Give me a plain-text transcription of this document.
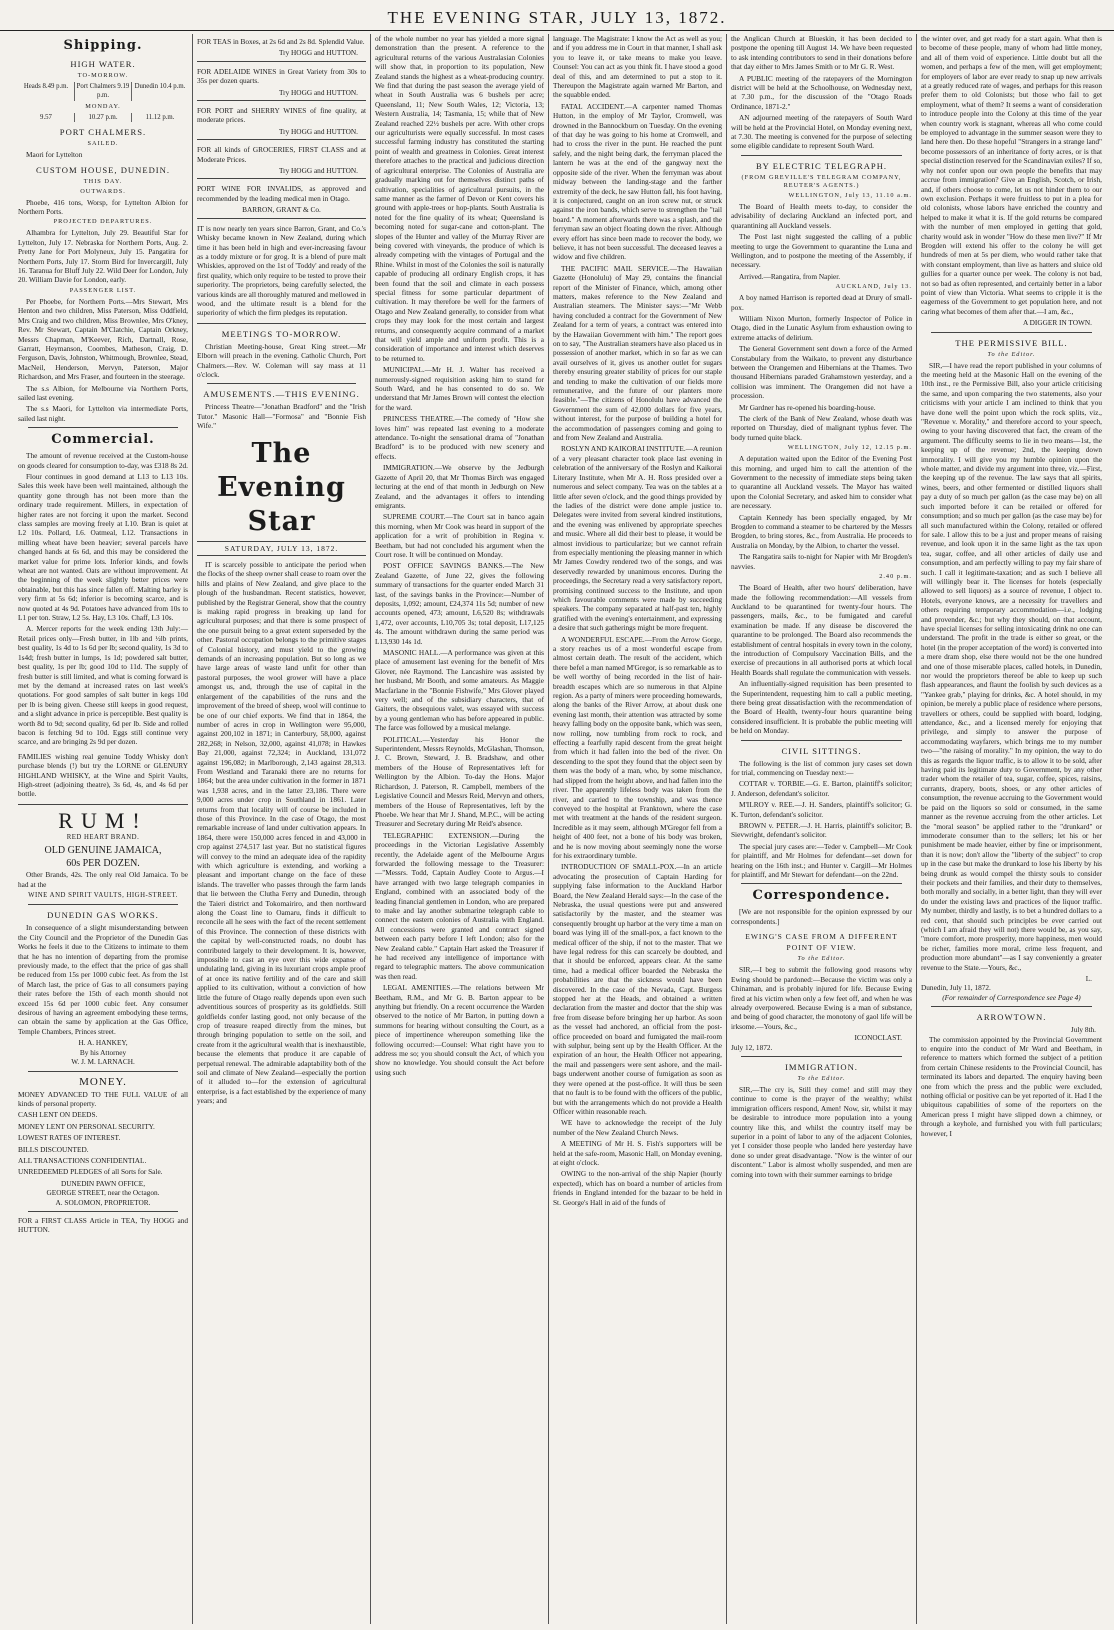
THE EVENING STAR, JULY 13, 1872.
Shipping.
HIGH WATER.
TO-MORROW.
Heads 8.49 p.m.	Port Chalmers 9.19 p.m.
Dunedin 10.4 p.m.
MONDAY.
9.57	10.27 p.m.	11.12 p.m.
PORT CHALMERS.
SAILED.

Maori for Lyttelton

CUSTOM HOUSE, DUNEDIN.
THIS DAY.
OUTWARDS.

Phoebe, 416 tons, Worsp, for Lyttelton Albion for Northern Ports.

PROJECTED DEPARTURES.

Alhambra for Lyttelton, July 29. Beautiful Star for Lyttelton, July 17. Nebraska for Northern Ports, Aug. 2. Pretty Jane for Port Molyneux, July 15. Pangatira for Northern Ports, July 17. Storm Bird for Invercargill, July 16. Taranua for Bluff July 22. Wild Deer for London, July 20. William Davie for London, early.

PASSENGER LIST.

Per Phoebe, for Northern Ports.—Mrs Stewart, Mrs Henton and two children, Miss Paterson, Miss Oddfield, Mrs Craig and two children, Miss Brownlee, Mrs O'kney, Rev. Mr Stewart, Captain M'Clatchie, Captain Orkney, Messrs Chapman, M'Keever, Rich, Dartnall, Rose, Garratt, Heymanson, Coombes, Matheson, Craig, D. Ferguson, Davis, Johnston, Whitmough, Brownlee, Stead, MacNeil, Henderson, Mervyn, Paterson, Major Richardson, and Mrs Fraser, and fourteen in the steerage.

The s.s Albion, for Melbourne via Northern Ports, sailed last evening.

The s.s Maori, for Lyttelton via intermediate Ports, sailed last night.

Commercial.

The amount of revenue received at the Custom-house on goods cleared for consumption to-day, was £318 8s 2d.

Flour continues in good demand at L13 to L13 10s. Sales this week have been well maintained, although the quantity gone through has not been more than the ordinary trade requirement. Millers, in expectation of higher rates are not forcing it upon the market. Second class samples are moving freely at L10. Bran is quiet at L2 10s. Pollard, L6. Oatmeal, L12. Transactions in milling wheat have been heavier; several parcels have changed hands at 6s 6d, and this may be considered the market value for prime lots. Inferior kinds, and fowls wheat are not wanted. Oats are without improvement. At the beginning of the week slightly better prices were obtainable, but this has since fallen off. Malting barley is very firm at 5s 6d; inferior is becoming scarce, and is now quoted at 4s 9d. Potatoes have advanced from 10s to L1 per ton. Straw, L2 5s. Hay, L3 10s. Chaff, L3 10s.

A. Mercer reports for the week ending 13th July:—Retail prices only—Fresh butter, in 1lb and ½lb prints, best quality, 1s 4d to 1s 6d per lb; second quality, 1s 3d to 1s4d; fresh butter in lumps, 1s 1d; powdered salt butter, best quality, 1s per lb; good 10d to 11d. The supply of fresh butter is still limited, and what is coming forward is met by the demand at increased rates on last week's quotations. For good samples of salt butter in kegs 10d per lb is being given. Cheese still keeps in good request, and a slight advance in price is perceptible. Best quality is worth 8d to 9d; second quality, 6d per lb. Side and rolled bacon is fetching 9d to 10d. Eggs still continue very scarce, and are bringing 2s 9d per dozen.

FAMILIES wishing real genuine Toddy Whisky don't purchase blends (!) but try the LORNE or GLENURY HIGHLAND WHISKY, at the Wine and Spirit Vaults, High-street (adjoining theatre), 3s 6d, 4s, and 4s 6d per bottle.

RUM!
RED HEART BRAND.
OLD GENUINE JAMAICA,
60s PER DOZEN.

Other Brands, 42s. The only real Old Jamaica. To be had at the

WINE AND SPIRIT VAULTS, HIGH-STREET.
DUNEDIN GAS WORKS.

In consequence of a slight misunderstanding between the City Council and the Proprietor of the Dunedin Gas Works he feels it due to the Citizens to intimate to them that he has no intention of departing from the promise previously made, to the effect that the price of gas shall be reduced from 15s per 1000 cubic feet. As from the 1st of March last, the price of Gas to all consumers paying their rates before the 15th of each month should not exceed 15s 6d per 1000 cubic feet. Any consumer desirous of having an agreement embodying these terms, can obtain the same by application at the Gas Office, Temple Chambers, Princes street.

H. A. HANKEY,
By his Attorney
W. J. M. LARNACH.
MONEY.

MONEY ADVANCED TO THE FULL VALUE of all kinds of personal property.

CASH LENT ON DEEDS.

MONEY LENT ON PERSONAL SECURITY.

LOWEST RATES OF INTEREST.

BILLS DISCOUNTED.

ALL TRANSACTIONS CONFIDENTIAL.

UNREDEEMED PLEDGES of all Sorts for Sale.

DUNEDIN PAWN OFFICE,
GEORGE STREET, near the Octagon.
A. SOLOMON, PROPRIETOR.

FOR a FIRST CLASS Article in TEA, Try HOGG and HUTTON.

FOR TEAS in Boxes, at 2s 6d and 2s 8d. Splendid Value.

Try HOGG and HUTTON.

FOR ADELAIDE WINES in Great Variety from 30s to 35s per dozen quarts.

Try HOGG and HUTTON.

FOR PORT and SHERRY WINES of fine quality, at moderate prices.

Try HOGG and HUTTON.

FOR all kinds of GROCERIES, FIRST CLASS and at Moderate Prices.

Try HOGG and HUTTON.

PORT WINE FOR INVALIDS, as approved and recommended by the leading medical men in Otago.

BARRON, GRANT & Co.

IT is now nearly ten years since Barron, Grant, and Co.'s Whisky became known in New Zealand, during which time it has been held in high and ever-increasing favour as a toddy mixture or for grog. It is a blend of pure malt Whiskies, approved on the 1st of 'Toddy' and ready of the first quality, which only require to be tested to prove their superiority. The proprietors, being carefully selected, the various kinds are all thoroughly matured and mellowed in wood, and the ultimate result is a blend for the superiority of which the firm pledges its reputation.

MEETINGS TO-MORROW.

Christian Meeting-house, Great King street.—Mr Elborn will preach in the evening. Catholic Church, Port Chalmers.—Rev. W. Coleman will say mass at 11 o'clock.

AMUSEMENTS.—THIS EVENING.

Princess Theatre—"Jonathan Bradford" and the "Irish Tutor." Masonic Hall—"Formosa" and "Bonnie Fish Wife."

The Evening Star
SATURDAY, JULY 13, 1872.

IT is scarcely possible to anticipate the period when the flocks of the sheep owner shall cease to roam over the hills and plains of New Zealand, and give place to the plough of the husbandman. Recent statistics, however, published by the Registrar General, show that the country is making rapid progress in breaking up land for agricultural purposes; and that there is some prospect of the one pursuit being to a great extent superseded by the other. Pastoral occupation belongs to the primitive stages of Colonial history, and must yield to the growing demands of an increasing population. But so long as we have large areas of waste land unfit for other than pastoral purposes, the wool grower will have a place amongst us, and, through the use of capital in the enlargement of the capabilities of the runs and the improvement of the breed of sheep, wool will continue to be one of our chief exports. We find that in 1864, the number of acres in crop in Wellington were 95,000, against 200,102 in 1871; in Canterbury, 58,000, against 282,268; in Nelson, 32,000, against 41,078; in Hawkes Bay 21,000, against 72,324; in Auckland, 131,072 against 196,082; in Marlborough, 2,143 against 28,313. From Westland and Taranaki there are no returns for 1864; but the area under cultivation in the former in 1871 was 1,938 acres, and in the latter 23,186. There were 9,000 acres under crop in Southland in 1861. Later returns from that locality will of course be included in those of this Province. In the case of Otago, the most remarkable increase of land under cultivation appears. In 1864, there were 150,000 acres fenced in and 43,000 in crop against 274,517 last year. But no statistical figures will convey to the mind an adequate idea of the rapidity with which agriculture is extending, and working a pleasant and important change on the face of these islands. The traveller who passes through the farm lands that lie between the Clutha Ferry and Dunedin, through the Taieri district and Tokomairiro, and then northward along the Coast line to Oamaru, finds it difficult to reconcile all he sees with the fact of the recent settlement of this Province. The connection of these districts with the capital by well-constructed roads, no doubt has contributed largely to their development. It is, however, impossible to cast an eye over this wide expanse of undulating land, giving in its luxuriant crops ample proof of at once its native fertility and of the care and skill applied to its cultivation, without a conviction of how little the future of Otago really depends upon even such adventitious sources of prosperity as its goldfields. Still goldfields confer lasting good, not only because of the crop of treasure reaped directly from the mines, but through bringing population to settle on the soil, and create from it the agricultural wealth that is inexhaustible, because the elements that produce it are capable of perpetual renewal. The admirable adaptability both of the soil and climate of New Zealand—especially the portion of it alluded to—for the extension of agricultural enterprise, is a fact established by the experience of many years; and

of the whole number no year has yielded a more signal demonstration than the present. A reference to the agricultural returns of the various Australasian Colonies will show that, in proportion to its population, New Zealand stands the highest as a wheat-producing country. We find that during the past season the average yield of wheat in South Australia was 6 bushels per acre; Queensland, 11; New South Wales, 12; Victoria, 13; Western Australia, 14; Tasmania, 15; while that of New Zealand reached 22½ bushels per acre. With other crops our agriculturists were equally successful. In most cases successful farming industry has constituted the starting point of wealth and greatness in Colonies. Great interest therefore attaches to the practical and judicious direction of agricultural enterprise. The Colonies of Australia are gradually marking out for themselves distinct paths of cultivation, specialities of agricultural pursuits, in the same manner as the farmer of Devon or Kent covers his ground with apple-trees or hop-plants. South Australia is noted for the fine quality of its wheat; Queensland is becoming noted for sugar-cane and cotton-plant. The slopes of the Hunter and valley of the Murray River are being covered with vineyards, the produce of which is already competing with the vintages of Portugal and the Rhine. Whilst in most of the Colonies the soil is naturally capable of producing all ordinary English crops, it has been found that the soil and climate in each possess special fitness for some particular department of cultivation. It may therefore be well for the farmers of Otago and New Zealand generally, to consider from what crops they may look for the most certain and largest returns, and consequently acquire command of a market that will yield ample and uniform profit. This is a consideration of importance and interest which deserves to be returned to.

MUNICIPAL.—Mr H. J. Walter has received a numerously-signed requisition asking him to stand for South Ward, and he has consented to do so. We understand that Mr James Brown will contest the election for the ward.

PRINCESS THEATRE.—The comedy of "How she loves him" was repeated last evening to a moderate attendance. To-night the sensational drama of "Jonathan Bradford" is to be produced with new scenery and effects.

IMMIGRATION.—We observe by the Jedburgh Gazette of April 20, that Mr Thomas Birch was engaged lecturing at the end of that month in Jedburgh on New Zealand, and the advantages it offers to intending emigrants.

SUPREME COURT.—The Court sat in banco again this morning, when Mr Cook was heard in support of the application for a writ of prohibition in Regina v. Beetham, but had not concluded his argument when the Court rose. It will be continued on Monday.

POST OFFICE SAVINGS BANKS.—The New Zealand Gazette, of June 22, gives the following summary of transactions for the quarter ended March 31 last, of the savings banks in the Province:—Number of deposits, 1,092; amount, £24,374 11s 5d; number of new accounts opened, 473; amount, L6,520 8s; withdrawals 1,472, over accounts, L10,705 3s; total deposit, L17,125 4s. The amount withdrawn during the same period was L13,930 14s 1d.

MASONIC HALL.—A performance was given at this place of amusement last evening for the benefit of Mrs Glover, née Raymond. The Lancashire was assisted by her husband, Mr Booth, and some amateurs. As Maggie Macfarlane in the "Bonnie Fishwife," Mrs Glover played very well; and of the subsidiary characters, that of Gaiters, the obsequious valet, was essayed with success by a young gentleman who has before appeared in public. The farce was followed by a musical melange.

POLITICAL.—Yesterday his Honor the Superintendent, Messrs Reynolds, McGlashan, Thomson, J. C. Brown, Steward, J. B. Bradshaw, and other members of the House of Representatives left for Wellington by the Albion. To-day the Hons. Major Richardson, J. Paterson, R. Campbell, members of the Legislative Council and Messrs Reid, Mervyn and others, members of the House of Representatives, left by the Phoebe. We hear that Mr J. Shand, M.P.C., will be acting Treasurer and Secretary during Mr Reid's absence.

TELEGRAPHIC EXTENSION.—During the proceedings in the Victorian Legislative Assembly recently, the Adelaide agent of the Melbourne Argus forwarded the following message to the Treasurer:—"Messrs. Todd, Captain Audley Coote to Argus.—I have arranged with two large telegraph companies in England, combined with an associated body of the leading financial gentlemen in London, who are prepared to make and lay another submarine telegraph cable to connect the eastern colonies of Australia with England. All concessions were granted and contract signed between each party before I left London; also for the New Zealand cable." Captain Hart asked the Treasurer if he had received any intelligence of importance with regard to telegraphic matters. The above communication was then read.

LEGAL AMENITIES.—The relations between Mr Beetham, R.M., and Mr G. B. Barton appear to be anything but friendly. On a recent occurrence the Warden observed to the notice of Mr Barton, in putting down a summons for hearing without consulting the Court, as a piece of impertinence whereupon something like the following occurred:—Counsel: What right have you to address me so; you should consult the Act, of which you show no knowledge. You should consult the Act before using such

language. The Magistrate: I know the Act as well as you; and if you address me in Court in that manner, I shall ask you to leave it, or take means to make you leave. Counsel: You can act as you think fit. I have stood a good deal of this, and am determined to put a stop to it. Thereupon the Magistrate again warned Mr Barton, and the squabble ended.

FATAL ACCIDENT.—A carpenter named Thomas Hutton, in the employ of Mr Taylor, Cromwell, was drowned in the Bannockburn on Tuesday. On the evening of that day he was going to his home at Cromwell, and had to cross the river in the punt. He reached the punt safely, and the night being dark, the ferryman placed the lantern he was at the end of the gangway next the opposite side of the river. When the ferryman was about midway between the landing-stage and the farther extremity of the deck, he saw Hutton fall, his foot having, it is conjectured, caught on an iron screw nut, or struck against the iron bands, which serve to strengthen the "tail board." A moment afterwards there was a splash, and the ferryman saw an object floating down the river. Although every effort has since been made to recover the body, we believe, it has not been successful. The deceased leaves a widow and five children.

THE PACIFIC MAIL SERVICE.—The Hawaiian Gazette (Honolulu) of May 29, contains the financial report of the Minister of Finance, which, among other matters, makes reference to the New Zealand and Australian steamers. The Minister says:—"Mr Webb having concluded a contract for the Government of New Zealand for a term of years, a contract was entered into by the Hawaiian Government with him." The report goes on to say, "The Australian steamers have also placed us in possession of another market, which in so far as we can avail ourselves of it, gives us another outlet for sugars thereby ensuring greater stability of prices for our staple and tending to make the cultivation of our fields more remunerative, and the future of our planters more feasible."—The citizens of Honolulu have advanced the Government the sum of 42,000 dollars for five years, without interest, for the purpose of building a hotel for the accommodation of passengers coming and going to and from New Zealand and Australia.

ROSLYN AND KAIKORAI INSTITUTE.—A reunion of a very pleasant character took place last evening in celebration of the anniversary of the Roslyn and Kaikorai Literary Institute, when Mr A. H. Ross presided over a numerous and select company. Tea was on the tables at a little after seven o'clock, and the good things provided by the ladies of the district were done ample justice to. Delegates were invited from several kindred institutions, and the evening was enlivened by appropriate speeches and music. Where all did their best to please, it would be almost invidious to particularize; but we cannot refrain from especially mentioning the pleasing manner in which Mr James Cowdry rendered two of the songs, and was deservedly rewarded by unanimous encores. During the proceedings, the Secretary read a very satisfactory report, promising continued success to the Institute, and upon which favourable comments were made by succeeding speakers. The company separated at half-past ten, highly gratified with the evening's entertainment, and expressing a desire that such gatherings might be more frequent.

A WONDERFUL ESCAPE.—From the Arrow Gorge, a story reaches us of a most wonderful escape from almost certain death. The result of the accident, which there befel a man named M'Gregor, is so remarkable as to be well worthy of being recorded in the list of hair-breadth escapes which are so numerous in that Alpine region. As a party of miners were proceeding homewards, along the banks of the River Arrow, at about dusk one evening last month, their attention was attracted by some heavy falling body on the opposite bank, which was seen, now rolling, now tumbling from rock to rock, and effecting a fearfully rapid descent from the great height from which it had fallen into the bed of the river. On descending to the spot they found that the object seen by them was the body of a man, who, by some mischance, had slipped from the height above, and had fallen into the river. The apparently lifeless body was taken from the river, and carried to the township, and was thence conveyed to the hospital at Franktown, where the case met with treatment at the hands of the resident surgeon. Incredible as it may seem, although M'Gregor fell from a height of 400 feet, not a bone of his body was broken, and he is now moving about seemingly none the worse for his extraordinary tumble.

INTRODUCTION OF SMALL-POX.—In an article advocating the prosecution of Captain Harding for supplying false information to the Auckland Harbor Board, the New Zealand Herald says:—In the case of the Nebraska, the usual questions were put and answered satisfactorily by the master, and the steamer was consequently brought up harbor at the very time a man on board was lying ill of the small-pox, a fact known to the medical officer of the ship, if not to the master. That we have legal redress for this can scarcely be doubted, and that it should be enforced, appears clear. At the same time, had a medical officer boarded the Nebraska the probabilities are that the sickness would have been discovered. In the case of the Nevada, Capt. Burgess stopped her at the Heads, and obtained a written declaration from the master and doctor that the ship was free from disease before bringing her up harbor. As soon as the vessel had anchored, an official from the post-office proceeded on board and fumigated the mail-room with sulphur, being sent up by the Health Officer. At the expiration of an hour, the Health Officer not appearing, the mail and passengers were sent ashore, and the mail-bags underwent another course of fumigation as soon as they were opened at the post-office. It will thus be seen that no fault is to be found with the officers of the public, but with the arrangements which do not provide a Health Officer within reasonable reach.

WE have to acknowledge the receipt of the July number of the New Zealand Church News.

A MEETING of Mr H. S. Fish's supporters will be held at the safe-room, Masonic Hall, on Monday evening, at eight o'clock.

OWING to the non-arrival of the ship Napier (hourly expected), which has on board a number of articles from friends in England intended for the bazaar to be held in St. George's Hall in aid of the funds of

the Anglican Church at Blueskin, it has been decided to postpone the opening till August 14. We have been requested to ask intending contributors to send in their donations before that day either to Mrs James Smith or to Mr G. R. West.

A PUBLIC meeting of the ratepayers of the Mornington district will be held at the Schoolhouse, on Wednesday next, at 7.30 p.m., for the discussion of the "Otago Roads Ordinance, 1871-2."

AN adjourned meeting of the ratepayers of South Ward will be held at the Provincial Hotel, on Monday evening next, at 7.30. The meeting is convened for the purpose of selecting some eligible candidate to represent South Ward.

BY ELECTRIC TELEGRAPH.
(FROM GREVILLE'S TELEGRAM COMPANY, REUTER'S AGENTS.)
WELLINGTON, July 13, 11.10 a.m.

The Board of Health meets to-day, to consider the advisability of declaring Auckland an infected port, and quarantining all Auckland vessels.

The Post last night suggested the calling of a public meeting to urge the Government to quarantine the Luna and Wellington, and to postpone the meeting of the Assembly, if necessary.

Arrived.—Rangatira, from Napier.

AUCKLAND, July 13.

A boy named Harrison is reported dead at Drury of small-pox.

William Nixon Murton, formerly Inspector of Police in Otago, died in the Lunatic Asylum from exhaustion owing to extreme attacks of delirium.

The General Government sent down a force of the Armed Constabulary from the Waikato, to prevent any disturbance between the Orangemen and Hibernians at the Thames. Two thousand Hibernians paraded Grahamstown yesterday, and a collision was imminent. The Orangemen did not have a procession.

Mr Gardner has re-opened his boarding-house.

The clerk of the Bank of New Zealand, whose death was reported on Thursday, died of malignant typhus fever. The body turned quite black.

WELLINGTON, July 12, 12.15 p.m.

A deputation waited upon the Editor of the Evening Post this morning, and urged him to call the attention of the Government to the necessity of immediate steps being taken to quarantine all Auckland vessels. The Mayor has waited upon the Colonial Secretary, and asked him to consider what are necessary.

Captain Kennedy has been specially engaged, by Mr Brogden to command a steamer to be chartered by the Messrs Brogden, to bring stores, &c., from Australia. He proceeds to Australia on Monday, by the Albion, to charter the vessel.

The Rangatira sails to-night for Napier with Mr Brogden's navvies.

2.40 p.m.

The Board of Health, after two hours' deliberation, have made the following recommendation:—All vessels from Auckland to be quarantined for twenty-four hours. The passengers, mails, &c., to be fumigated and careful examination be made. If any disease be discovered the quarantine to be prolonged. The Board also recommends the establishment of central hospitals in every town in the colony, the introduction of Compulsory Vaccination Bills, and the exercise of precautions in all authorised ports at which local Health Boards shall regulate the communication with vessels.

An influentially-signed requisition has been presented to the Superintendent, requesting him to call a public meeting, there being great dissatisfaction with the recommendation of the Board of Health, twenty-four hours quarantine being considered insufficient. It is probable the public meeting will be held on Monday.

CIVIL SITTINGS.

The following is the list of common jury cases set down for trial, commencing on Tuesday next:—

COTTAR v. TORBIE.—G. E. Barton, plaintiff's solicitor; J. Anderson, defendant's solicitor.

M'ILROY v. REE.—J. H. Sanders, plaintiff's solicitor; G. K. Turton, defendant's solicitor.

BROWN v. PETER.—J. H. Harris, plaintiff's solicitor; B. Sievwright, defendant's solicitor.

The special jury cases are:—Teder v. Campbell—Mr Cook for plaintiff, and Mr Holmes for defendant—set down for hearing on the 16th inst.; and Hunter v. Cargill—Mr Holmes for plaintiff, and Mr Stewart for defendant—on the 22nd.

Correspondence.

[We are not responsible for the opinion expressed by our correspondents.]

EWING'S CASE FROM A DIFFERENT POINT OF VIEW.
To the Editor.

SIR,—I beg to submit the following good reasons why Ewing should be pardoned:—Because the victim was only a Chinaman, and is probably injured for life. Because Ewing fired at his victim when only a few feet off, and when he was already overpowered. Because Ewing is a man of substance, and being of good character, the monotony of gaol life will be irksome.—Yours, &c.,

ICONOCLAST.
July 12, 1872.
IMMIGRATION.
To the Editor.

SIR,—The cry is, Still they come! and still may they continue to come is the prayer of the wealthy; whilst immigration officers respond, Amen! Now, sir, whilst it may be desirable to introduce more population into a young country like this, and whilst the country itself may be superior in a point of labor to any of the adjacent Colonies, yet I consider those people who landed here yesterday have done so under great disadvantage. "Now is the winter of our discontent." Labor is almost wholly suspended, and men are coming into town with their summer earnings to bridge

the winter over, and get ready for a start again. What then is to become of these people, many of whom had little money, and all of them void of experience. Little doubt but all the women, and perhaps a few of the men, will get employment; for employers of labor are ever ready to snap up new arrivals at a greatly reduced rate of wages, and perhaps for this reason prefer them to old Colonists; but those who fail to get employment, what of them? It seems a want of consideration to introduce people into the Colony at this time of the year when country work is stagnant, whereas all who come could be employed to advantage in the summer season were they to land here then. Do these hopeful "Strangers in a strange land" become possessors of an inheritance of forty acres, or is that special distinction reserved for the Scandinavian exiles? If so, why not confer upon our own people the benefits that may accrue from immigration? Give an English, Scotch, or Irish, and, if others choose to come, let us not hinder them to our own exclusion. Perhaps it were fruitless to put in a plea for old colonists, whose labors have enriched the country and helped to make it what it is. If the gold returns be compared with the number of men employed in getting that gold, charity would ask in wonder "How do these men live?" If Mr Brogden will extend his offer to the colony he will get hundreds of men at 5s per diem, who would rather take that with constant employment, than live as hatters and sluice old gullies for a quarter ounce per week. The colony is not bad, not so bad as often represented, and certainly better in a labor point of view than Victoria. What seems to cripple it is the eagerness of the Government to get population here, and not caring what becomes of them after that.—I am, &c.,

A DIGGER IN TOWN.
THE PERMISSIVE BILL.
To the Editor.

SIR,—I have read the report published in your columns of the meeting held at the Masonic Hall on the evening of the 10th inst., re the Permissive Bill, also your article criticising the same, and upon comparing the two statements, also your criticisms with your article I am inclined to think that you have done well the point upon which the rock splits, viz., "Revenue v. Morality," and therefore accord to your speech, owing to your having discovered that fact, the cream of the argument. The difficulty seems to lie in two means—1st, the keeping up of the revenue; 2nd, the keeping down immorality. I will give you my humble opinion upon the whole matter, and divide my argument into three, viz.—First, the keeping up of the revenue. The law says that all spirits, wines, beers, and other fermented or distilled liquors shall pay a duty of so much per gallon (as the case may be) on all such imported before it can be retailed or offered for consumption; and so much per gallon (as the case may be) for all such manufactured within the Colony, retailed or offered for sale. I allow this to be a just and proper means of raising revenue, and look upon it in the same light as the tax upon tea, sugar, coffee, and all other articles of daily use and consumption, and am perfectly willing to pay my fair share of such. I call it legitimate-taxation; and as such I believe all will willingly bear it. The licenses for hotels (especially allowed to sell liquors) as a source of revenue, I object to. Hotels, everyone knows, are a necessity for travellers and others requiring temporary accommodation—i.e., lodging and provender, &c.; but why they should, on that account, have special licenses for selling intoxicating drink no one can understand. The profit in the trade is either so great, or the hotel (in the proper acceptation of the word) is converted into a mere dram shop, else there would not be the one hundred and one of those miserable places, called hotels, in Dunedin, nor would the proprietors thereof be able to keep up such flash appearances, and flaunt the foolish by such devices as a "Yankee grab," playing for drinks, &c. A hotel should, in my opinion, be merely a public place of residence where persons, travellers or others, could be supplied with board, lodging, attendance, &c., and a licensed merely for enjoying that privilege, and simply to answer the purpose of accommodating wayfarers, which brings me to my number two—"the raising of morality." In my opinion, the way to do this as regards the liquor traffic, is to allow it to be sold, after having paid its legitimate duty to Government, by any other trader whom the retailer of tea, sugar, coffee, spices, raisins, currants, drapery, boots, shoes, or any other articles of consumption, the revenue accruing to the Government would be paid on the liquors so sold or consumed, in the same manner as the revenue accruing from the other articles. Let the "moral season" be applied rather to the "drunkard" or immoderate consumer than to the sellers; let his or her punishment be made heavier, either by fine or imprisonment, than it is now; don't allow the "liberty of the subject" to crop up in the case but make the drunkard to lose his liberty by his being drunk as would compel the thirsty souls to consider their pockets and their families, and their duty to themselves, both morally and socially, in a better light, than they will ever do under the existing laws and practices of the liquor traffic. My number, thirdly and lastly, is to bet a hundred dollars to a red cent, that should such principles be ever carried out (which I am afraid they will not) there would be, as you say, "more comfort, more prosperity, more happiness, men would be richer, families more moral, crime less frequent, and production more abundant"—as I say conveniently a greater revenue to the State.—Yours, &c.,

L.
Dunedin, July 11, 1872.
(For remainder of Correspondence see Page 4)
ARROWTOWN.
July 8th.

The commission appointed by the Provincial Government to enquire into the conduct of Mr Ward and Beetham, in reference to matters which formed the subject of a petition from certain Chinese residents to the Provincial Council, has terminated its labors and departed. The enquiry having been one from which the press and the public were excluded, nothing official or positive can be yet reported of it. Had I the ubiquitous capabilities of some of the reporters on the American press I might have slipped down a chimney, or through a keyhole, and furnished you with full particulars; however, I
